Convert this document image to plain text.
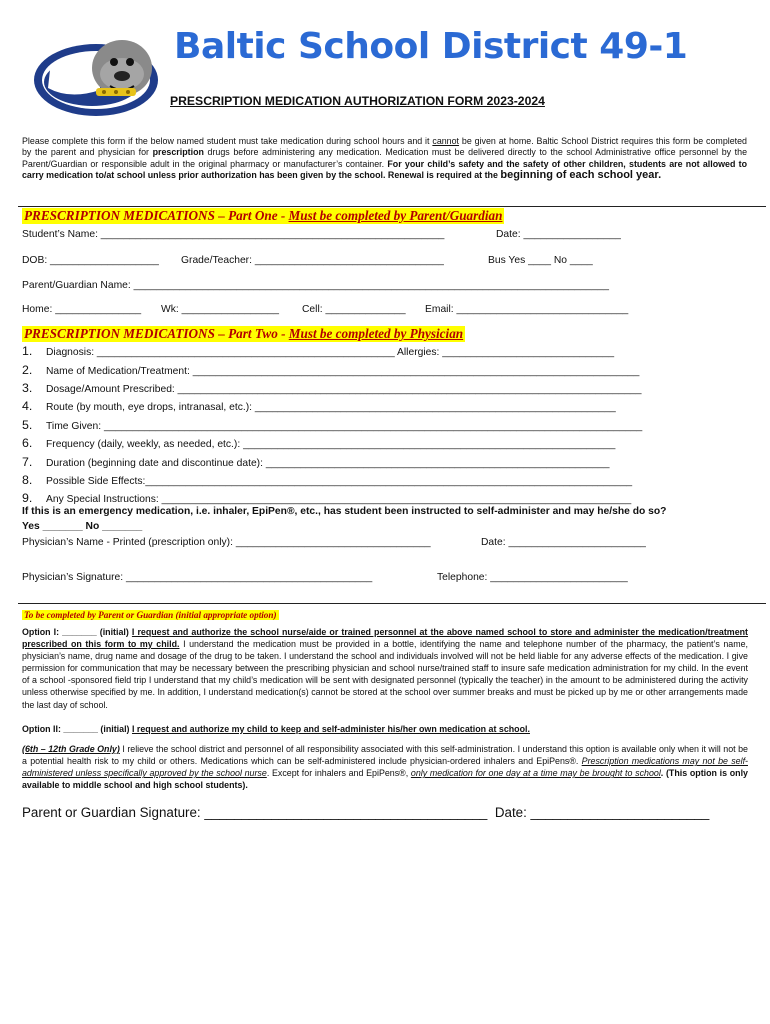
Baltic School District 49-1
PRESCRIPTION MEDICATION AUTHORIZATION FORM 2023-2024
Please complete this form if the below named student must take medication during school hours and it cannot be given at home. Baltic School District requires this form be completed by the parent and physician for prescription drugs before administering any medication. Medication must be delivered directly to the school Administrative office personnel by the Parent/Guardian or responsible adult in the original pharmacy or manufacturer’s container. For your child’s safety and the safety of other children, students are not allowed to carry medication to/at school unless prior authorization has been given by the school. Renewal is required at the beginning of each school year.
PRESCRIPTION MEDICATIONS – Part One - Must be completed by Parent/Guardian
Student’s Name: ____________________________________________________________	Date: _________________
DOB: ___________________ Grade/Teacher: _________________________________	Bus Yes ____ No ____
Parent/Guardian Name: ___________________________________________________________________________________
Home: _______________ Wk: _________________ Cell: ______________ Email: ______________________________
PRESCRIPTION MEDICATIONS – Part Two - Must be completed by Physician
1. Diagnosis: ____________________________________________________ Allergies: ______________________________
2. Name of Medication/Treatment: ______________________________________________________________________________
3. Dosage/Amount Prescribed: _________________________________________________________________________________
4. Route (by mouth, eye drops, intranasal, etc.): _______________________________________________________________
5. Time Given: ______________________________________________________________________________________________
6. Frequency (daily, weekly, as needed, etc.): _________________________________________________________________
7. Duration (beginning date and discontinue date): ____________________________________________________________
8. Possible Side Effects:_____________________________________________________________________________________
9. Any Special Instructions: __________________________________________________________________________________
If this is an emergency medication, i.e. inhaler, EpiPen®, etc., has student been instructed to self-administer and may he/she do so?
Yes _______ No _______
Physician’s Name - Printed (prescription only): __________________________________	Date: ________________________
Physician’s Signature: ___________________________________________	Telephone: ________________________
To be completed by Parent or Guardian (initial appropriate option)
Option I: _______ (initial) I request and authorize the school nurse/aide or trained personnel at the above named school to store and administer the medication/treatment prescribed on this form to my child. I understand the medication must be provided in a bottle, identifying the name and telephone number of the pharmacy, the patient’s name, physician’s name, drug name and dosage of the drug to be taken. I understand the school and individuals involved will not be held liable for any adverse effects of the medication. I give permission for communication that may be necessary between the prescribing physician and school nurse/trained staff to insure safe medication administration for my child. In the event of a school -sponsored field trip I understand that my child’s medication will be sent with designated personnel (typically the teacher) in the amount to be administered during the activity unless otherwise specified by me. In addition, I understand medication(s) cannot be stored at the school over summer breaks and must be picked up by me or other arrangements made the last day of school.
Option II: _______ (initial) I request and authorize my child to keep and self-administer his/her own medication at school.
(6th – 12th Grade Only) I relieve the school district and personnel of all responsibility associated with this self-administration. I understand this option is available only when it will not be a potential health risk to my child or others. Medications which can be self-administered include physician-ordered inhalers and EpiPens®. Prescription medications may not be self-administered unless specifically approved by the school nurse. Except for inhalers and EpiPens®, only medication for one day at a time may be brought to school. (This option is only available to middle school and high school students).
Parent or Guardian Signature: ______________________________________ Date: ________________________
